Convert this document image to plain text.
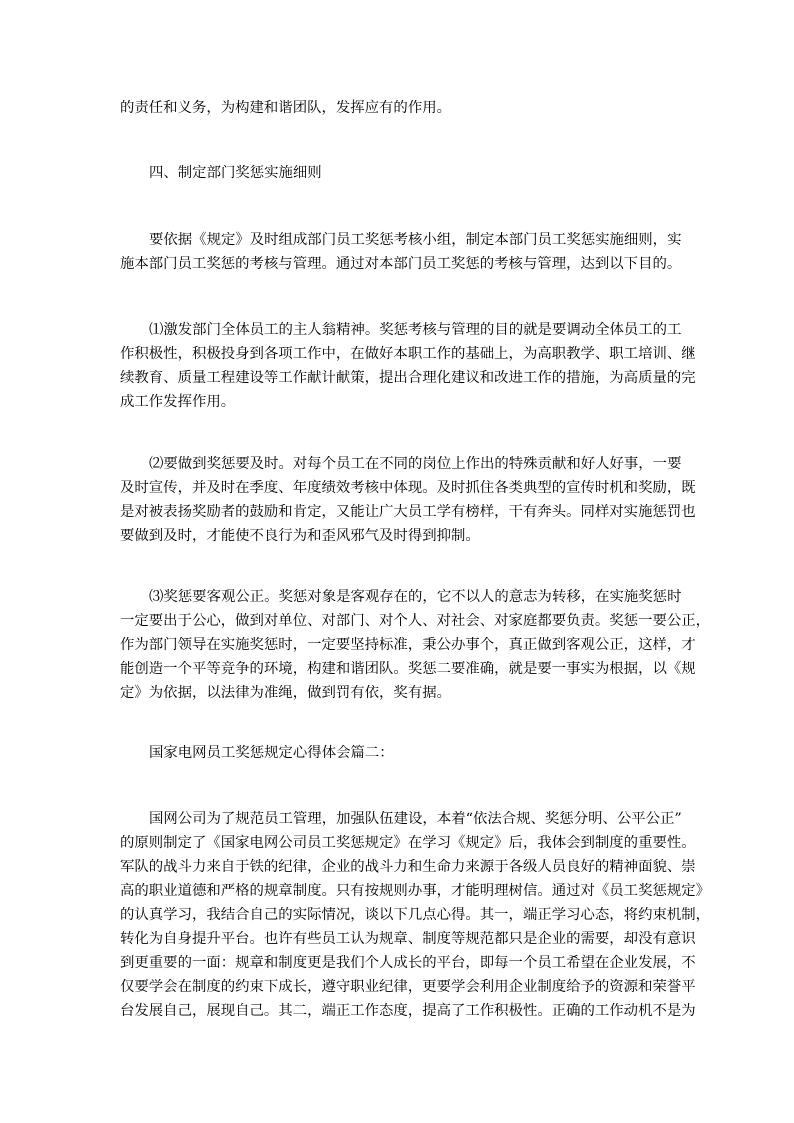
的责任和义务，为构建和谐团队，发挥应有的作用。
四、制定部门奖惩实施细则
要依据《规定》及时组成部门员工奖惩考核小组，制定本部门员工奖惩实施细则，实
施本部门员工奖惩的考核与管理。通过对本部门员工奖惩的考核与管理，达到以下目的。
⑴激发部门全体员工的主人翁精神。奖惩考核与管理的目的就是要调动全体员工的工
作积极性，积极投身到各项工作中，在做好本职工作的基础上，为高职教学、职工培训、继
续教育、质量工程建设等工作献计献策，提出合理化建议和改进工作的措施，为高质量的完
成工作发挥作用。
⑵要做到奖惩要及时。对每个员工在不同的岗位上作出的特殊贡献和好人好事，一要
及时宣传，并及时在季度、年度绩效考核中体现。及时抓住各类典型的宣传时机和奖励，既
是对被表扬奖励者的鼓励和肯定，又能让广大员工学有榜样，干有奔头。同样对实施惩罚也
要做到及时，才能使不良行为和歪风邪气及时得到抑制。
⑶奖惩要客观公正。奖惩对象是客观存在的，它不以人的意志为转移，在实施奖惩时
一定要出于公心，做到对单位、对部门、对个人、对社会、对家庭都要负责。奖惩一要公正，
作为部门领导在实施奖惩时，一定要坚持标准，秉公办事个，真正做到客观公正，这样，才
能创造一个平等竞争的环境，构建和谐团队。奖惩二要准确，就是要一事实为根据，以《规
定》为依据，以法律为准绳，做到罚有依，奖有据。
国家电网员工奖惩规定心得体会篇二：
国网公司为了规范员工管理，加强队伍建设，本着“依法合规、奖惩分明、公平公正”
的原则制定了《国家电网公司员工奖惩规定》在学习《规定》后，我体会到制度的重要性。
军队的战斗力来自于铁的纪律，企业的战斗力和生命力来源于各级人员良好的精神面貌、崇
高的职业道德和严格的规章制度。只有按规则办事，才能明理树信。通过对《员工奖惩规定》
的认真学习，我结合自己的实际情况，谈以下几点心得。其一，端正学习心态，将约束机制，
转化为自身提升平台。也许有些员工认为规章、制度等规范都只是企业的需要，却没有意识
到更重要的一面：规章和制度更是我们个人成长的平台，即每一个员工希望在企业发展，不
仅要学会在制度的约束下成长，遵守职业纪律，更要学会利用企业制度给予的资源和荣誉平
台发展自己，展现自己。其二，端正工作态度，提高了工作积极性。正确的工作动机不是为
